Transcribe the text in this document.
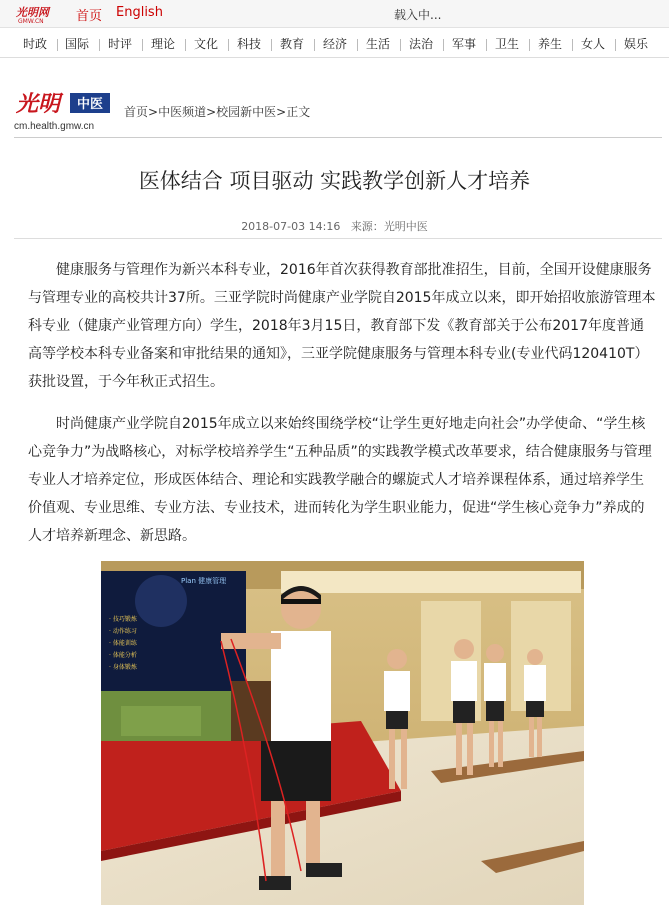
光明网
GMW.CN 首页 English	载入中...
时政 国际 时评 理论 文化 科技 教育 经济 生活 法治 军事 卫生 养生 女人 娱乐
光明	中医
cm.health.gmw.cn
首页>中医频道>校园新中医>正文
医体结合 项目驱动 实践教学创新人才培养
2018-07-03 14:16 来源：光明中医

健康服务与管理作为新兴本科专业，2016年首次获得教育部批准招生，目前，全国开设健康服务与管理专业的高校共计37所。三亚学院时尚健康产业学院自2015年成立以来，即开始招收旅游管理本科专业（健康产业管理方向）学生，2018年3月15日，教育部下发《教育部关于公布2017年度普通高等学校本科专业备案和审批结果的通知》，三亚学院健康服务与管理本科专业(专业代码120410T）获批设置，于今年秋正式招生。

时尚健康产业学院自2015年成立以来始终围绕学校“让学生更好地走向社会”办学使命、“学生核心竞争力”为战略核心，对标学校培养学生“五种品质”的实践教学模式改革要求，结合健康服务与管理专业人才培养定位，形成医体结合、理论和实践教学融合的螺旋式人才培养课程体系，通过培养学生价值观、专业思维、专业方法、专业技术，进而转化为学生职业能力，促进“学生核心竞争力”养成的人才培养新理念、新思路。

Plan 健康管理
· 技巧锻炼
· 动作练习
· 体能训练
· 体能分析
· 身体锻炼
